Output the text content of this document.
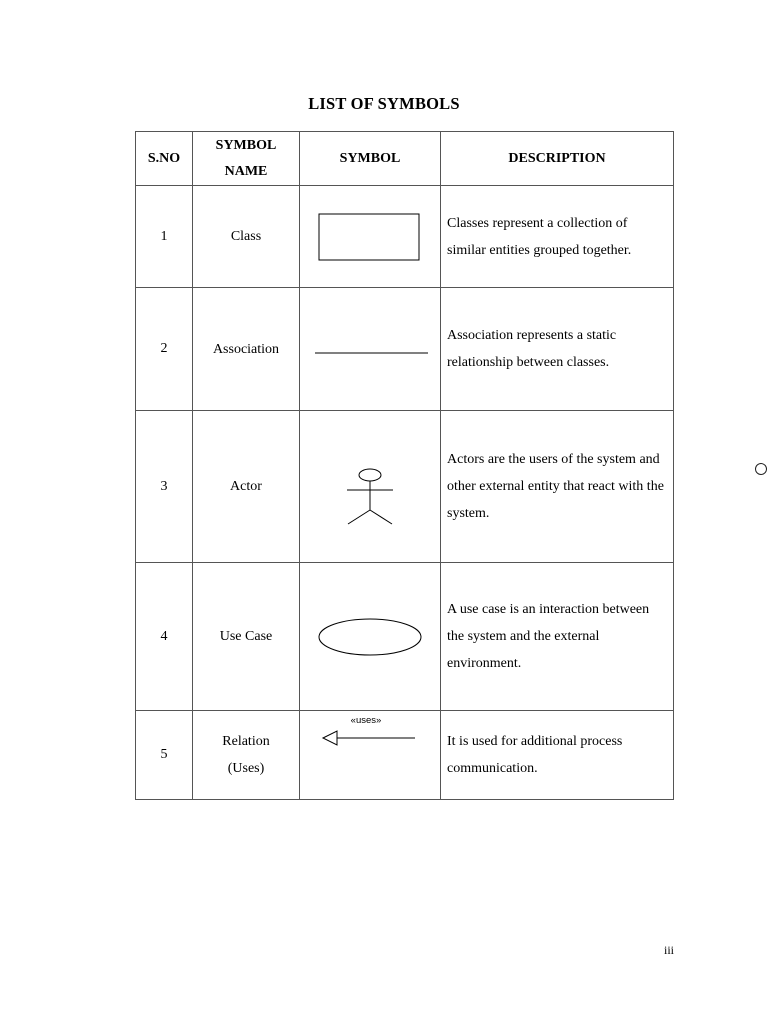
LIST OF SYMBOLS
S.NO	SYMBOL NAME	SYMBOL	DESCRIPTION
1	Class		Classes represent a collection of similar entities grouped together.
2	Association		Association represents a static relationship between classes.
3	Actor		Actors are the users of the system and other external entity that react with the system.
4	Use Case		A use case is an interaction between the system and the external environment.
5	Relation (Uses)	«uses»	It is used for additional process communication.
iii
